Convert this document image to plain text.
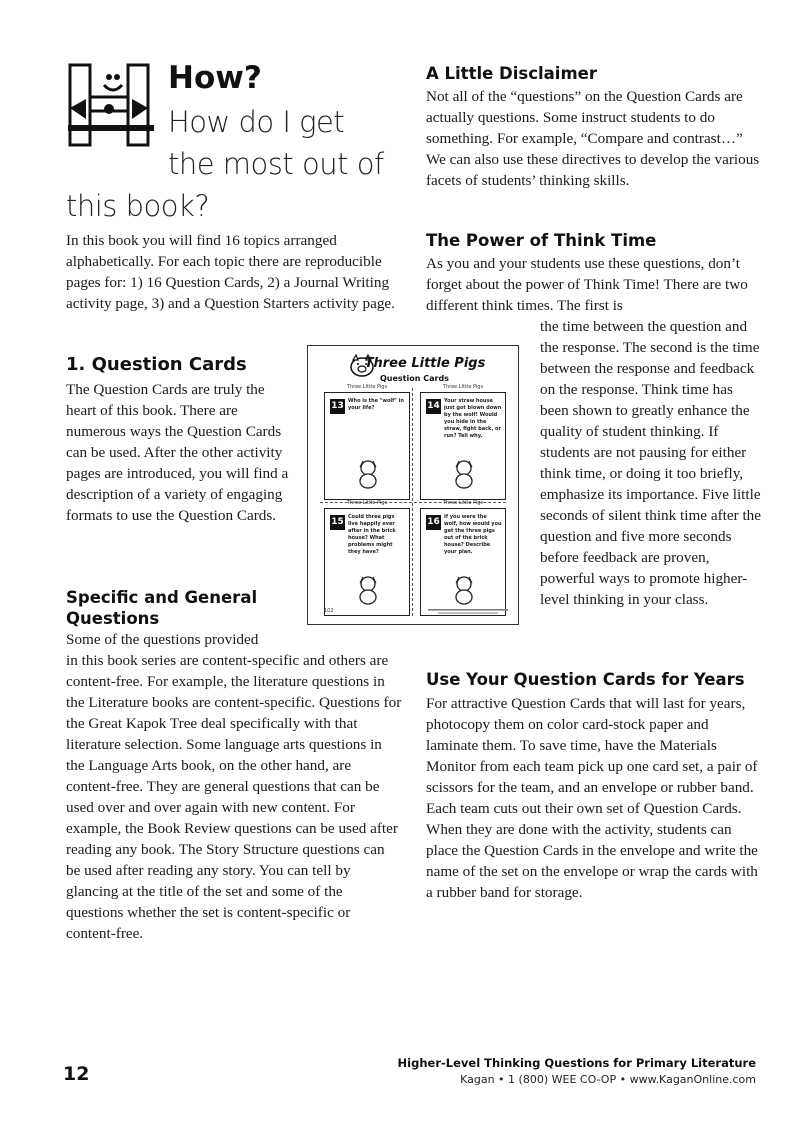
How?
How do I get
the most out of
this book?

In this book you will find 16 topics arranged alphabetically. For each topic there are reproducible pages for: 1) 16 Question Cards, 2) a Journal Writing activity page, 3) and a Question Starters activity page.

1. Question Cards

The Question Cards are truly the heart of this book. There are numerous ways the Question Cards can be used. After the other activity pages are introduced, you will find a description of a variety of engaging formats to use the Question Cards.

Specific and General Questions

Some of the questions provided

in this book series are content-specific and others are content-free. For example, the literature questions in the Literature books are content-specific. Questions for the Great Kapok Tree deal specifically with that literature selection. Some language arts questions in the Language Arts book, on the other hand, are content-free. They are general questions that can be used over and over again with new content. For example, the Book Review questions can be used after reading any book. The Story Structure questions can be used after reading any story. You can tell by glancing at the title of the set and some of the questions whether the set is content-specific or content-free.

Three Little Pigs
Question Cards
Three Little Pigs
13 Who is the "wolf" in your life?
Three Little Pigs
14 Your straw house just got blown down by the wolf! Would you hide in the straw, fight back, or run? Tell why.
Three Little Pigs
15 Could three pigs live happily ever after in the brick house? What problems might they have?
Three Little Pigs
16 If you were the wolf, how would you get the three pigs out of the brick house? Describe your plan.
102
A Little Disclaimer

Not all of the “questions” on the Question Cards are actually questions. Some instruct students to do something. For example, “Compare and contrast…” We can also use these directives to develop the various facets of students’ thinking skills.

The Power of Think Time

As you and your students use these questions, don’t forget about the power of Think Time! There are two different think times. The first is

the time between the question and the response. The second is the time between the response and feedback on the response. Think time has been shown to greatly enhance the quality of student thinking. If students are not pausing for either think time, or doing it too briefly, emphasize its importance. Five little seconds of silent think time after the question and five more seconds before feedback are proven, powerful ways to promote higher-level thinking in your class.

Use Your Question Cards for Years

For attractive Question Cards that will last for years, photocopy them on color card-stock paper and laminate them. To save time, have the Materials Monitor from each team pick up one card set, a pair of scissors for the team, and an envelope or rubber band. Each team cuts out their own set of Question Cards. When they are done with the activity, students can place the Question Cards in the envelope and write the name of the set on the envelope or wrap the cards with a rubber band for storage.

12	Higher-Level Thinking Questions for Primary Literature
Kagan • 1 (800) WEE CO-OP • www.KaganOnline.com
